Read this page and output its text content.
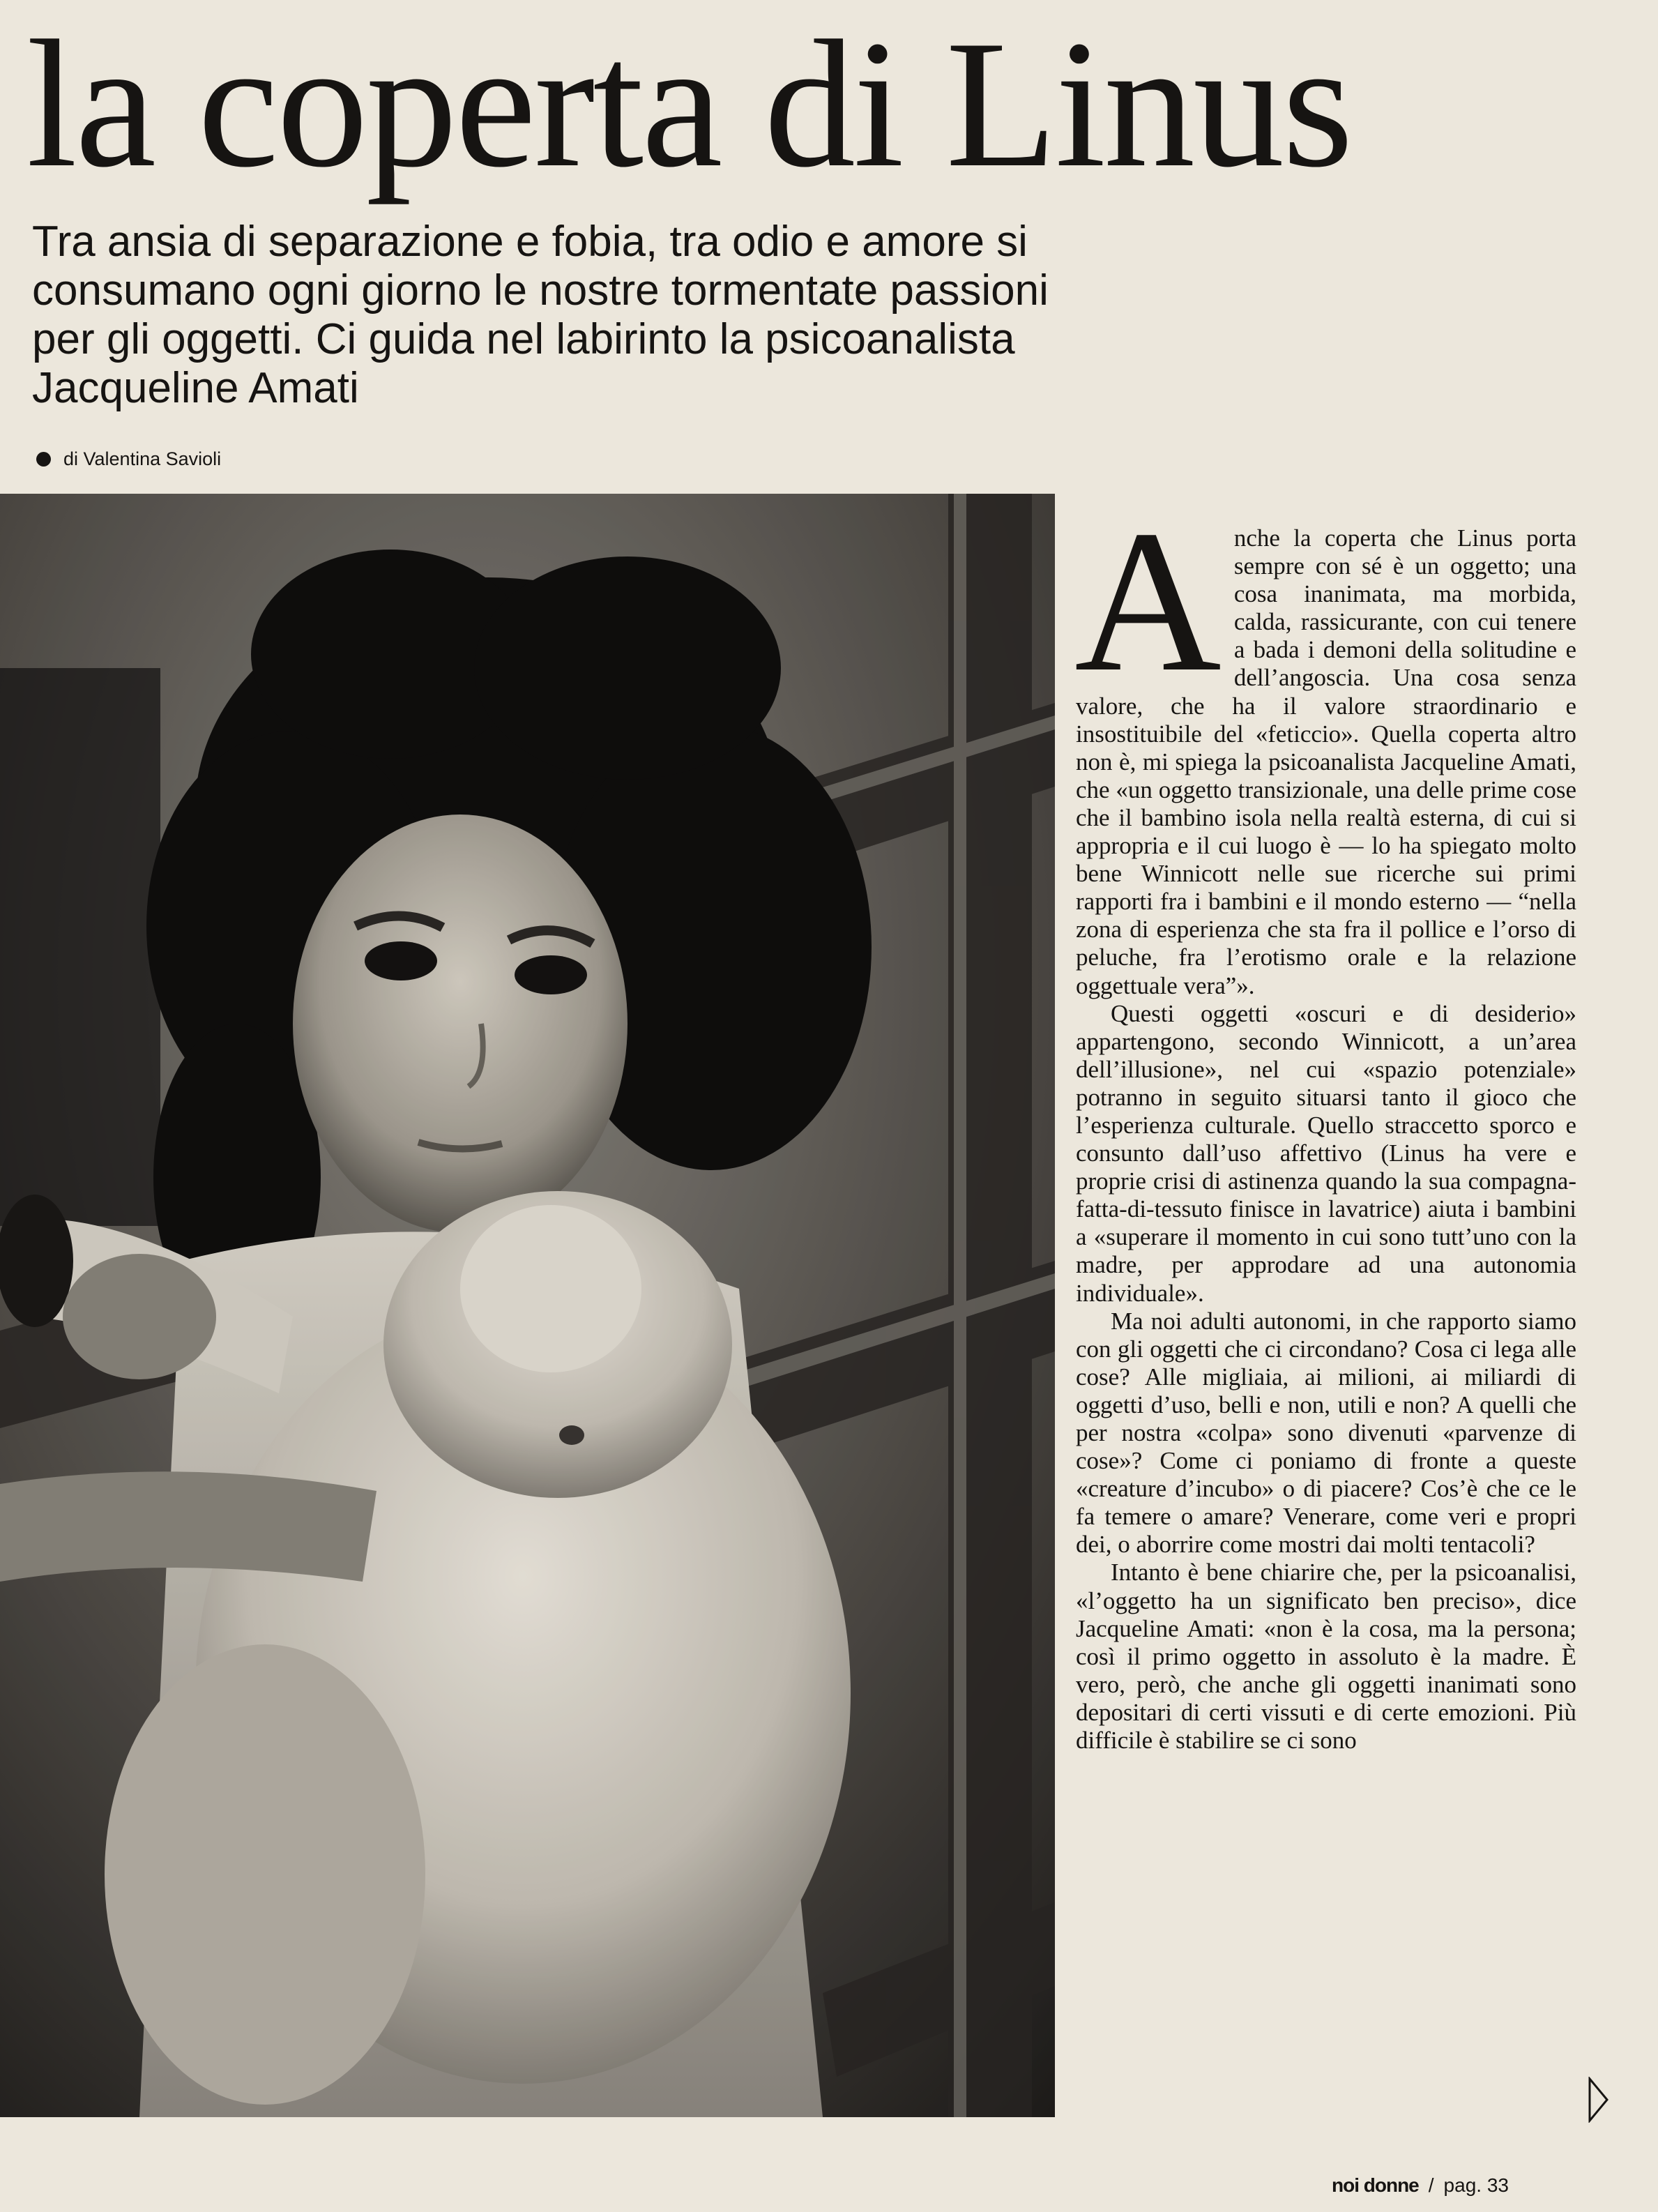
la coperta di Linus

Tra ansia di separazione e fobia, tra odio e amore si consumano ogni giorno le nostre tormentate passioni per gli oggetti. Ci guida nel labirinto la psicoanalista Jacqueline Amati

di Valentina Savioli
A nche la coperta che Linus porta sempre con sé è un oggetto; una cosa inanimata, ma morbida, calda, rassicurante, con cui tenere a bada i demoni della solitudine e dell’angoscia. Una cosa senza valore, che ha il valore straordinario e insostituibile del «feticcio». Quella coperta altro non è, mi spiega la psicoanalista Jacqueline Amati, che «un oggetto transizionale, una delle prime cose che il bambino isola nella realtà esterna, di cui si appropria e il cui luogo è — lo ha spiegato molto bene Winnicott nelle sue ricerche sui primi rapporti fra i bambini e il mondo esterno — “nella zona di esperienza che sta fra il pollice e l’orso di peluche, fra l’erotismo orale e la relazione oggettuale vera”».

Questi oggetti «oscuri e di desiderio» appartengono, secondo Winnicott, a un’area dell’illusione», nel cui «spazio potenziale» potranno in seguito situarsi tanto il gioco che l’esperienza culturale. Quello straccetto sporco e consunto dall’uso affettivo (Linus ha vere e proprie crisi di astinenza quando la sua compagna-fatta-di-tessuto finisce in lavatrice) aiuta i bambini a «superare il momento in cui sono tutt’uno con la madre, per approdare ad una autonomia individuale».

Ma noi adulti autonomi, in che rapporto siamo con gli oggetti che ci circondano? Cosa ci lega alle cose? Alle migliaia, ai milioni, ai miliardi di oggetti d’uso, belli e non, utili e non? A quelli che per nostra «colpa» sono divenuti «parvenze di cose»? Come ci poniamo di fronte a queste «creature d’incubo» o di piacere? Cos’è che ce le fa temere o amare? Venerare, come veri e propri dei, o aborrire come mostri dai molti tentacoli?

Intanto è bene chiarire che, per la psicoanalisi, «l’oggetto ha un significato ben preciso», dice Jacqueline Amati: «non è la cosa, ma la persona; così il primo oggetto in assoluto è la madre. È vero, però, che anche gli oggetti inanimati sono depositari di certi vissuti e di certe emozioni. Più difficile è stabilire se ci sono

noi donne / pag. 33
